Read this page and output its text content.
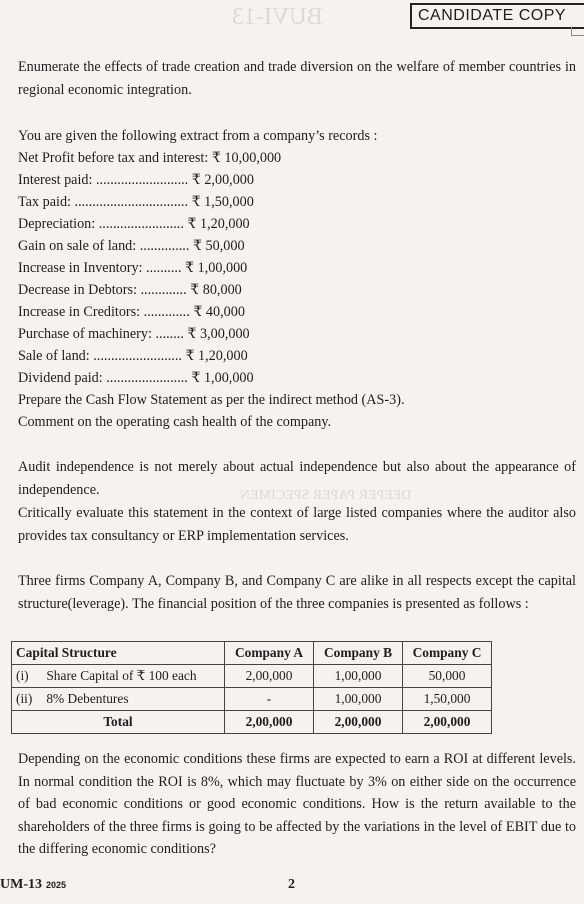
BUVI-13
DEEPER PAPER SPECIMEN
CANDIDATE COPY
Enumerate the effects of trade creation and trade diversion on the welfare of member countries in regional economic integration.
You are given the following extract from a company’s records :
Net Profit before tax and interest: ₹ 10,00,000
Interest paid: .......................... ₹ 2,00,000
Tax paid: ................................ ₹ 1,50,000
Depreciation: ........................ ₹ 1,20,000
Gain on sale of land: .............. ₹ 50,000
Increase in Inventory: .......... ₹ 1,00,000
Decrease in Debtors: ............. ₹ 80,000
Increase in Creditors: ............. ₹ 40,000
Purchase of machinery: ........ ₹ 3,00,000
Sale of land: ......................... ₹ 1,20,000
Dividend paid: ....................... ₹ 1,00,000
Prepare the Cash Flow Statement as per the indirect method (AS-3).
Comment on the operating cash health of the company.
Audit independence is not merely about actual independence but also about the appearance of independence.
Critically evaluate this statement in the context of large listed companies where the auditor also provides tax consultancy or ERP implementation services.
Three firms Company A, Company B, and Company C are alike in all respects except the capital structure(leverage). The financial position of the three companies is presented as follows :
Capital Structure		Company A	Company B	Company C
(i)	Share Capital of ₹ 100 each	2,00,000	1,00,000	50,000
(ii)	8% Debentures	-	1,00,000	1,50,000
Total		2,00,000	2,00,000	2,00,000
Depending on the economic conditions these firms are expected to earn a ROI at different levels. In normal condition the ROI is 8%, which may fluctuate by 3% on either side on the occurrence of bad economic conditions or good economic conditions. How is the return available to the shareholders of the three firms is going to be affected by the variations in the level of EBIT due to the differing economic conditions?
UM-13 2025	2
